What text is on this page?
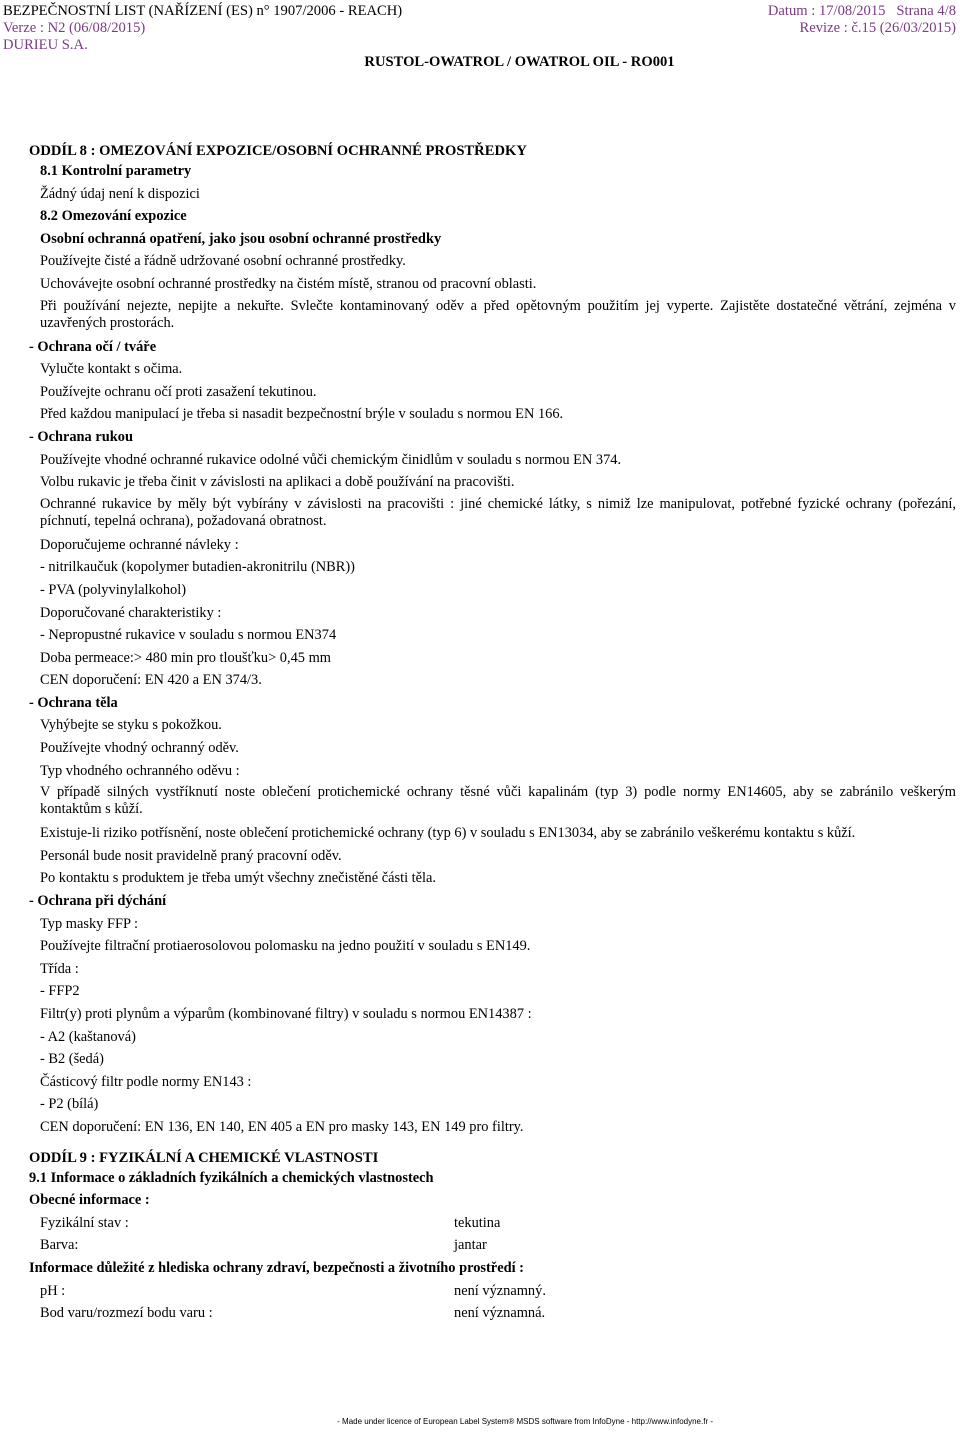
BEZPEČNOSTNÍ LIST (NAŘÍZENÍ (ES) n° 1907/2006 - REACH)	Datum : 17/08/2015 Strana 4/8
Verze : N2 (06/08/2015)	Revize : č.15 (26/03/2015)
DURIEU S.A.
RUSTOL-OWATROL / OWATROL OIL - RO001
ODDÍL 8 : OMEZOVÁNÍ EXPOZICE/OSOBNÍ OCHRANNÉ PROSTŘEDKY
8.1 Kontrolní parametry
Žádný údaj není k dispozici
8.2 Omezování expozice
Osobní ochranná opatření, jako jsou osobní ochranné prostředky
Používejte čisté a řádně udržované osobní ochranné prostředky.
Uchovávejte osobní ochranné prostředky na čistém místě, stranou od pracovní oblasti.
Při používání nejezte, nepijte a nekuřte. Svlečte kontaminovaný oděv a před opětovným použitím jej vyperte. Zajistěte dostatečné větrání, zejména v uzavřených prostorách.
- Ochrana očí / tváře
Vylučte kontakt s očima.
Používejte ochranu očí proti zasažení tekutinou.
Před každou manipulací je třeba si nasadit bezpečnostní brýle v souladu s normou EN 166.
- Ochrana rukou
Používejte vhodné ochranné rukavice odolné vůči chemickým činidlům v souladu s normou EN 374.
Volbu rukavic je třeba činit v závislosti na aplikaci a době používání na pracovišti.
Ochranné rukavice by měly být vybírány v závislosti na pracovišti : jiné chemické látky, s nimiž lze manipulovat, potřebné fyzické ochrany (pořezání, píchnutí, tepelná ochrana), požadovaná obratnost.
Doporučujeme ochranné návleky :
- nitrilkaučuk (kopolymer butadien-akronitrilu (NBR))
- PVA (polyvinylalkohol)
Doporučované charakteristiky :
- Nepropustné rukavice v souladu s normou EN374
Doba permeace:> 480 min pro tloušťku> 0,45 mm
CEN doporučení: EN 420 a EN 374/3.
- Ochrana těla
Vyhýbejte se styku s pokožkou.
Používejte vhodný ochranný oděv.
Typ vhodného ochranného oděvu :
V případě silných vystříknutí noste oblečení protichemické ochrany těsné vůči kapalinám (typ 3) podle normy EN14605, aby se zabránilo veškerým kontaktům s kůží.
Existuje-li riziko potřísnění, noste oblečení protichemické ochrany (typ 6) v souladu s EN13034, aby se zabránilo veškerému kontaktu s kůží.
Personál bude nosit pravidelně praný pracovní oděv.
Po kontaktu s produktem je třeba umýt všechny znečistěné části těla.
- Ochrana při dýchání
Typ masky FFP :
Používejte filtrační protiaerosolovou polomasku na jedno použití v souladu s EN149.
Třída :
- FFP2
Filtr(y) proti plynům a výparům (kombinované filtry) v souladu s normou EN14387 :
- A2 (kaštanová)
- B2 (šedá)
Částicový filtr podle normy EN143 :
- P2 (bílá)
CEN doporučení: EN 136, EN 140, EN 405 a EN pro masky 143, EN 149 pro filtry.
ODDÍL 9 : FYZIKÁLNÍ A CHEMICKÉ VLASTNOSTI
9.1 Informace o základních fyzikálních a chemických vlastnostech
Obecné informace :
Fyzikální stav :	tekutina
Barva:	jantar
Informace důležité z hlediska ochrany zdraví, bezpečnosti a životního prostředí :
pH :	není významný.
Bod varu/rozmezí bodu varu :	není významná.
- Made under licence of European Label System® MSDS software from InfoDyne - http://www.infodyne.fr -
